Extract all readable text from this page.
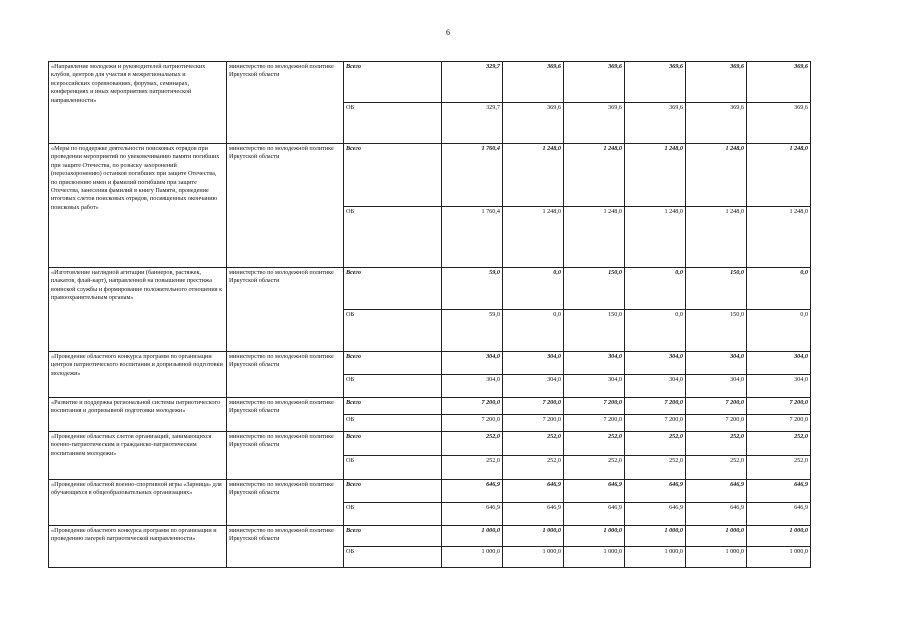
6
«Направление молодежи и руководителей патриотических клубов, центров для участия в межрегиональных и всероссийских соревнованиях, форумах, семинарах, конференциях и иных мероприятиях патриотической направленности»	министерство по молодежной политике Иркутской области	Всего	329,7	369,6	369,6	369,6	369,6	369,6
		ОБ	329,7	369,6	369,6	369,6	369,6	369,6
«Меры по поддержке деятельности поисковых отрядов при проведении мероприятий по увековечиванию памяти погибших при защите Отечества, по розыску захоронений (перезахоронению) останков погибших при защите Отечества, по присвоению имен и фамилий погибшим при защите Отечества, занесения фамилий в книгу Памяти, проведение итоговых слетов поисковых отрядов, посвященных окончанию поисковых работ»	министерство по молодежной политике Иркутской области	Всего	1 760,4	1 248,0	1 248,0	1 248,0	1 248,0	1 248,0
		ОБ	1 760,4	1 248,0	1 248,0	1 248,0	1 248,0	1 248,0
«Изготовление наглядной агитации (баннеров, растяжек, плакатов, флай-карт), направленной на повышение престижа воинской службы и формирование положительного отношения к правоохранительным органам»	министерство по молодежной политике Иркутской области	Всего	59,0	0,0	150,0	0,0	150,0	0,0
		ОБ	59,0	0,0	150,0	0,0	150,0	0,0
«Проведение областного конкурса программ по организации центров патриотического воспитания и допризывной подготовки молодежи»	министерство по молодежной политике Иркутской области	Всего	304,0	304,0	304,0	304,0	304,0	304,0
		ОБ	304,0	304,0	304,0	304,0	304,0	304,0
«Развитие и поддержка региональной системы патриотического воспитания и допризывной подготовки молодежи»	министерство по молодежной политике Иркутской области	Всего	7 200,0	7 200,0	7 200,0	7 200,0	7 200,0	7 200,0
		ОБ	7 200,0	7 200,0	7 200,0	7 200,0	7 200,0	7 200,0
«Проведение областных слетов организаций, занимающихся военно-патриотическим и гражданско-патриотическим воспитанием молодежи»	министерство по молодежной политике Иркутской области	Всего	252,0	252,0	252,0	252,0	252,0	252,0
		ОБ	252,0	252,0	252,0	252,0	252,0	252,0
«Проведение областной военно-спортивной игры «Зарница» для обучающихся в общеобразовательных организациях»	министерство по молодежной политике Иркутской области	Всего	646,9	646,9	646,9	646,9	646,9	646,9
		ОБ	646,9	646,9	646,9	646,9	646,9	646,9
«Проведение областного конкурса программ по организации и проведению лагерей патриотической направленности»	министерство по молодежной политике Иркутской области	Всего	1 000,0	1 000,0	1 000,0	1 000,0	1 000,0	1 000,0
		ОБ	1 000,0	1 000,0	1 000,0	1 000,0	1 000,0	1 000,0
